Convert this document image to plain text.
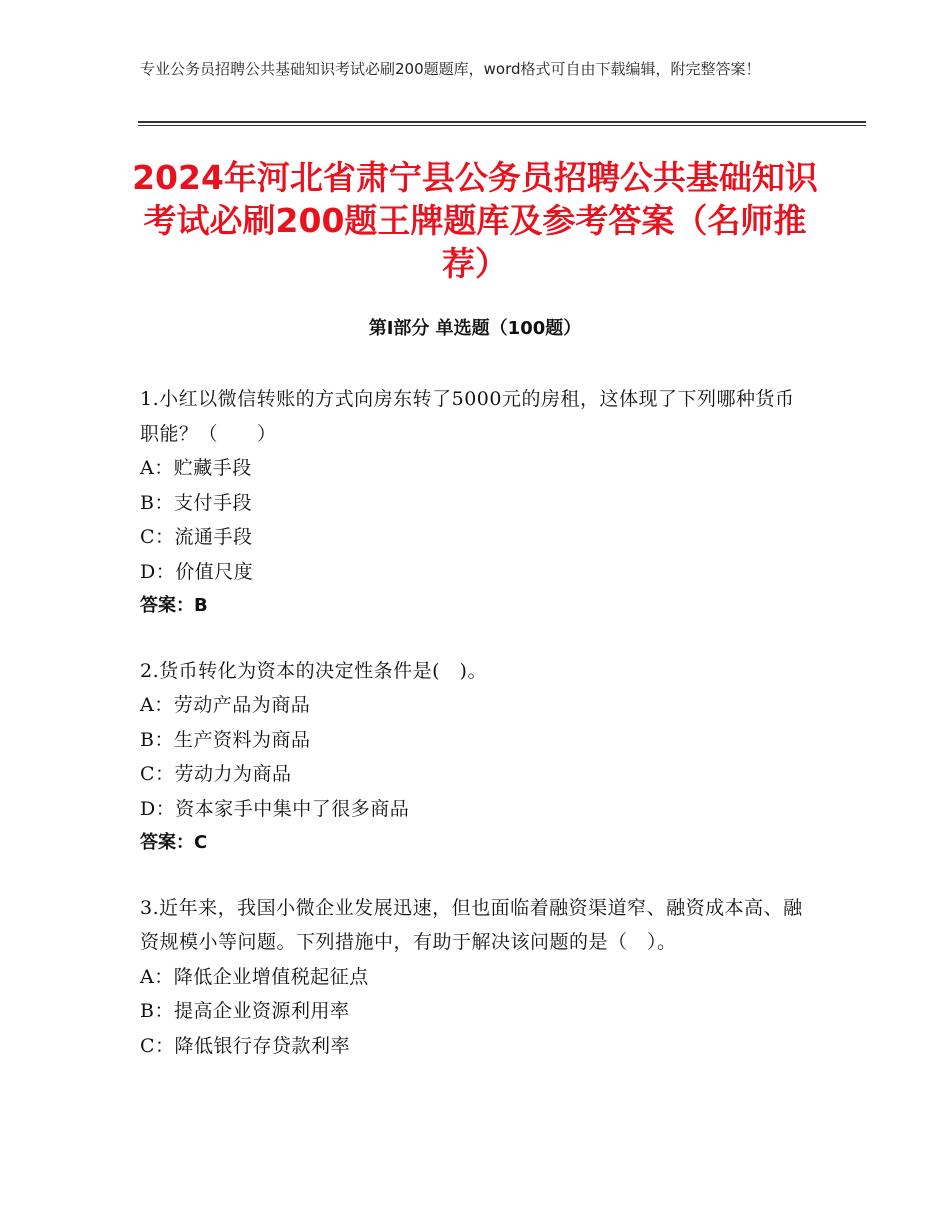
专业公务员招聘公共基础知识考试必刷200题题库，word格式可自由下载编辑，附完整答案！
2024年河北省肃宁县公务员招聘公共基础知识考试必刷200题王牌题库及参考答案（名师推荐）
第Ⅰ部分 单选题（100题）
1.小红以微信转账的方式向房东转了5000元的房租，这体现了下列哪种货币职能？（　　）
A：贮藏手段
B：支付手段
C：流通手段
D：价值尺度
答案：B
2.货币转化为资本的决定性条件是(　)。
A：劳动产品为商品
B：生产资料为商品
C：劳动力为商品
D：资本家手中集中了很多商品
答案：C
3.近年来，我国小微企业发展迅速，但也面临着融资渠道窄、融资成本高、融资规模小等问题。下列措施中，有助于解决该问题的是（　）。
A：降低企业增值税起征点
B：提高企业资源利用率
C：降低银行存贷款利率
